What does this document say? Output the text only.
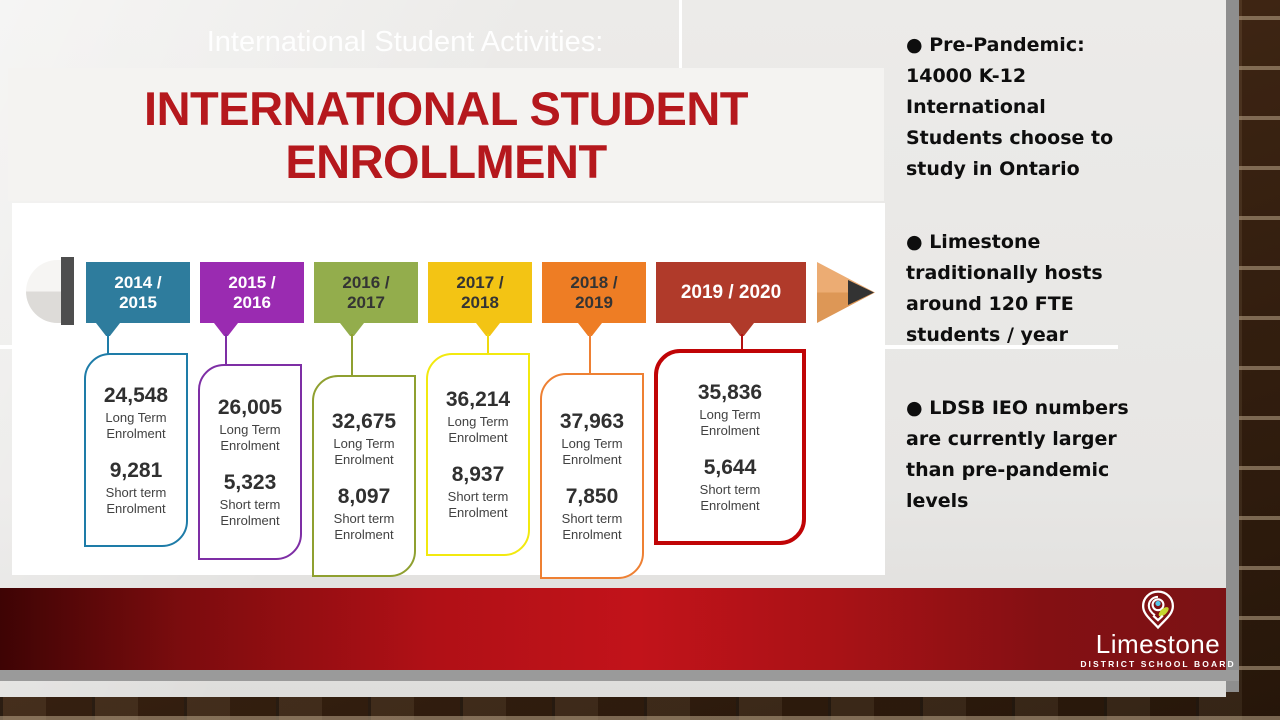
International Student Activities:
INTERNATIONAL STUDENT
ENROLLMENT
2014 /
2015
2015 /
2016
2016 /
2017
2017 /
2018
2018 /
2019	2019 / 2020
24,548
Long Term
Enrolment
9,281
Short term
Enrolment
26,005
Long Term
Enrolment
5,323
Short term
Enrolment
32,675
Long Term
Enrolment
8,097
Short term
Enrolment
36,214
Long Term
Enrolment
8,937
Short term
Enrolment
37,963
Long Term
Enrolment
7,850
Short term
Enrolment
35,836
Long Term
Enrolment
5,644
Short term
Enrolment
● Pre-Pandemic:
14000 K-12
International
Students choose to
study in Ontario
● Limestone
traditionally hosts
around 120 FTE
students / year
● LDSB IEO numbers
are currently larger
than pre-pandemic
levels
Limestone
DISTRICT SCHOOL BOARD
